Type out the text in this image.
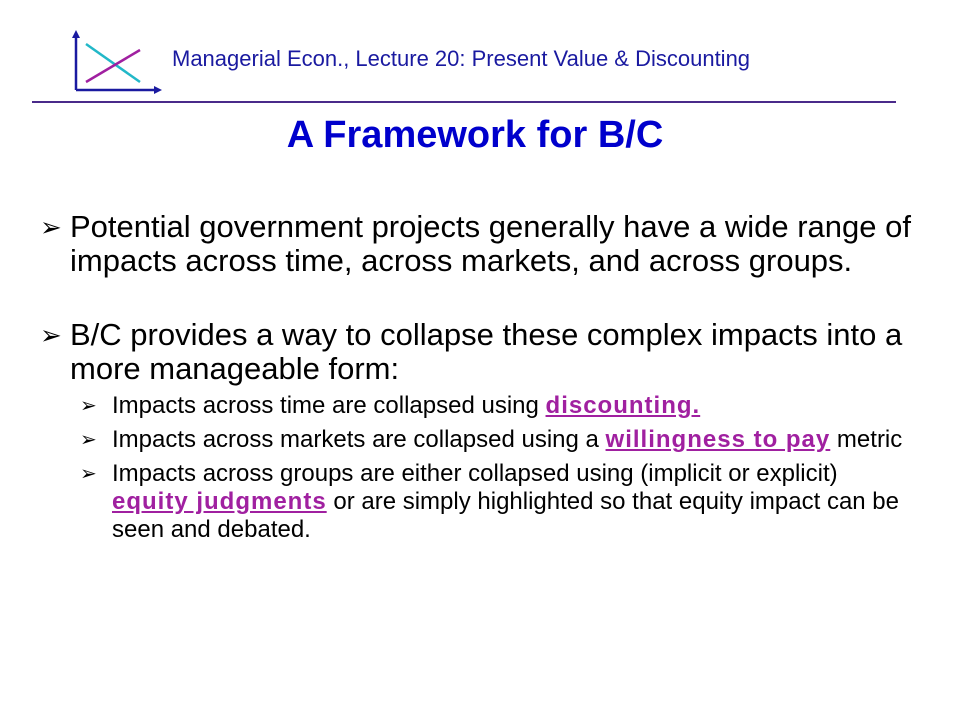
Managerial Econ., Lecture 20: Present Value & Discounting
A Framework for B/C
➢ Potential government projects generally have a wide range of impacts across time, across markets, and across groups.
➢ B/C provides a way to collapse these complex impacts into a more manageable form:
➢ Impacts across time are collapsed using discounting.
➢ Impacts across markets are collapsed using a willingness to pay metric
➢ Impacts across groups are either collapsed using (implicit or explicit) equity judgments or are simply highlighted so that equity impact can be seen and debated.
